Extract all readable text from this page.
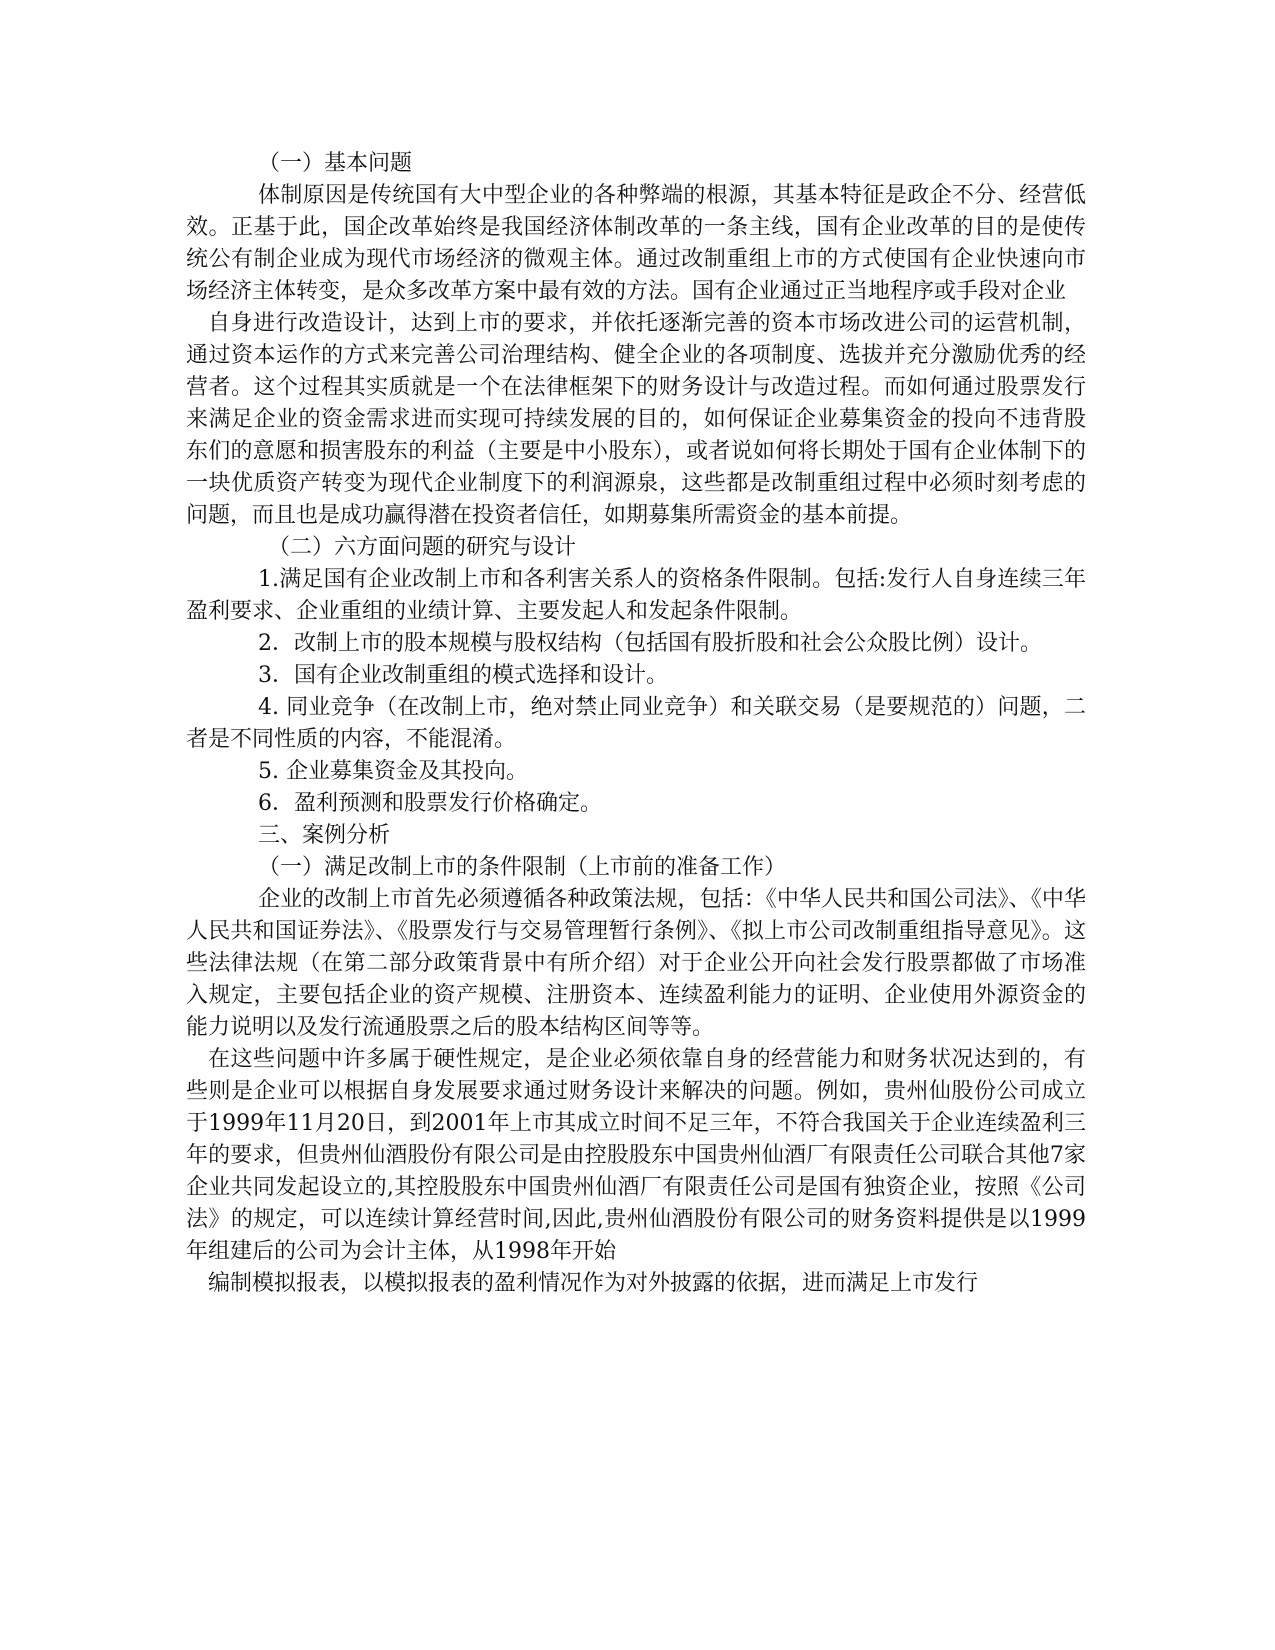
（一）基本问题

体制原因是传统国有大中型企业的各种弊端的根源，其基本特征是政企不分、经营低效。正基于此，国企改革始终是我国经济体制改革的一条主线，国有企业改革的目的是使传统公有制企业成为现代市场经济的微观主体。通过改制重组上市的方式使国有企业快速向市场经济主体转变，是众多改革方案中最有效的方法。国有企业通过正当地程序或手段对企业

自身进行改造设计，达到上市的要求，并依托逐渐完善的资本市场改进公司的运营机制，通过资本运作的方式来完善公司治理结构、健全企业的各项制度、选拔并充分激励优秀的经营者。这个过程其实质就是一个在法律框架下的财务设计与改造过程。而如何通过股票发行来满足企业的资金需求进而实现可持续发展的目的，如何保证企业募集资金的投向不违背股东们的意愿和损害股东的利益（主要是中小股东），或者说如何将长期处于国有企业体制下的一块优质资产转变为现代企业制度下的利润源泉，这些都是改制重组过程中必须时刻考虑的问题，而且也是成功赢得潜在投资者信任，如期募集所需资金的基本前提。

（二）六方面问题的研究与设计

1.满足国有企业改制上市和各利害关系人的资格条件限制。包括:发行人自身连续三年盈利要求、企业重组的业绩计算、主要发起人和发起条件限制。

2．改制上市的股本规模与股权结构（包括国有股折股和社会公众股比例）设计。

3．国有企业改制重组的模式选择和设计。

4. 同业竞争（在改制上市，绝对禁止同业竞争）和关联交易（是要规范的）问题，二者是不同性质的内容，不能混淆。

5. 企业募集资金及其投向。

6．盈利预测和股票发行价格确定。

三、案例分析

（一）满足改制上市的条件限制（上市前的准备工作）

企业的改制上市首先必须遵循各种政策法规，包括：《中华人民共和国公司法》、《中华人民共和国证券法》、《股票发行与交易管理暂行条例》、《拟上市公司改制重组指导意见》。这些法律法规（在第二部分政策背景中有所介绍）对于企业公开向社会发行股票都做了市场准入规定，主要包括企业的资产规模、注册资本、连续盈利能力的证明、企业使用外源资金的能力说明以及发行流通股票之后的股本结构区间等等。

在这些问题中许多属于硬性规定，是企业必须依靠自身的经营能力和财务状况达到的，有些则是企业可以根据自身发展要求通过财务设计来解决的问题。例如，贵州仙股份公司成立于1999年11月20日，到2001年上市其成立时间不足三年，不符合我国关于企业连续盈利三年的要求，但贵州仙酒股份有限公司是由控股股东中国贵州仙酒厂有限责任公司联合其他7家企业共同发起设立的,其控股股东中国贵州仙酒厂有限责任公司是国有独资企业，按照《公司法》的规定，可以连续计算经营时间,因此,贵州仙酒股份有限公司的财务资料提供是以1999年组建后的公司为会计主体，从1998年开始

编制模拟报表，以模拟报表的盈利情况作为对外披露的依据，进而满足上市发行
